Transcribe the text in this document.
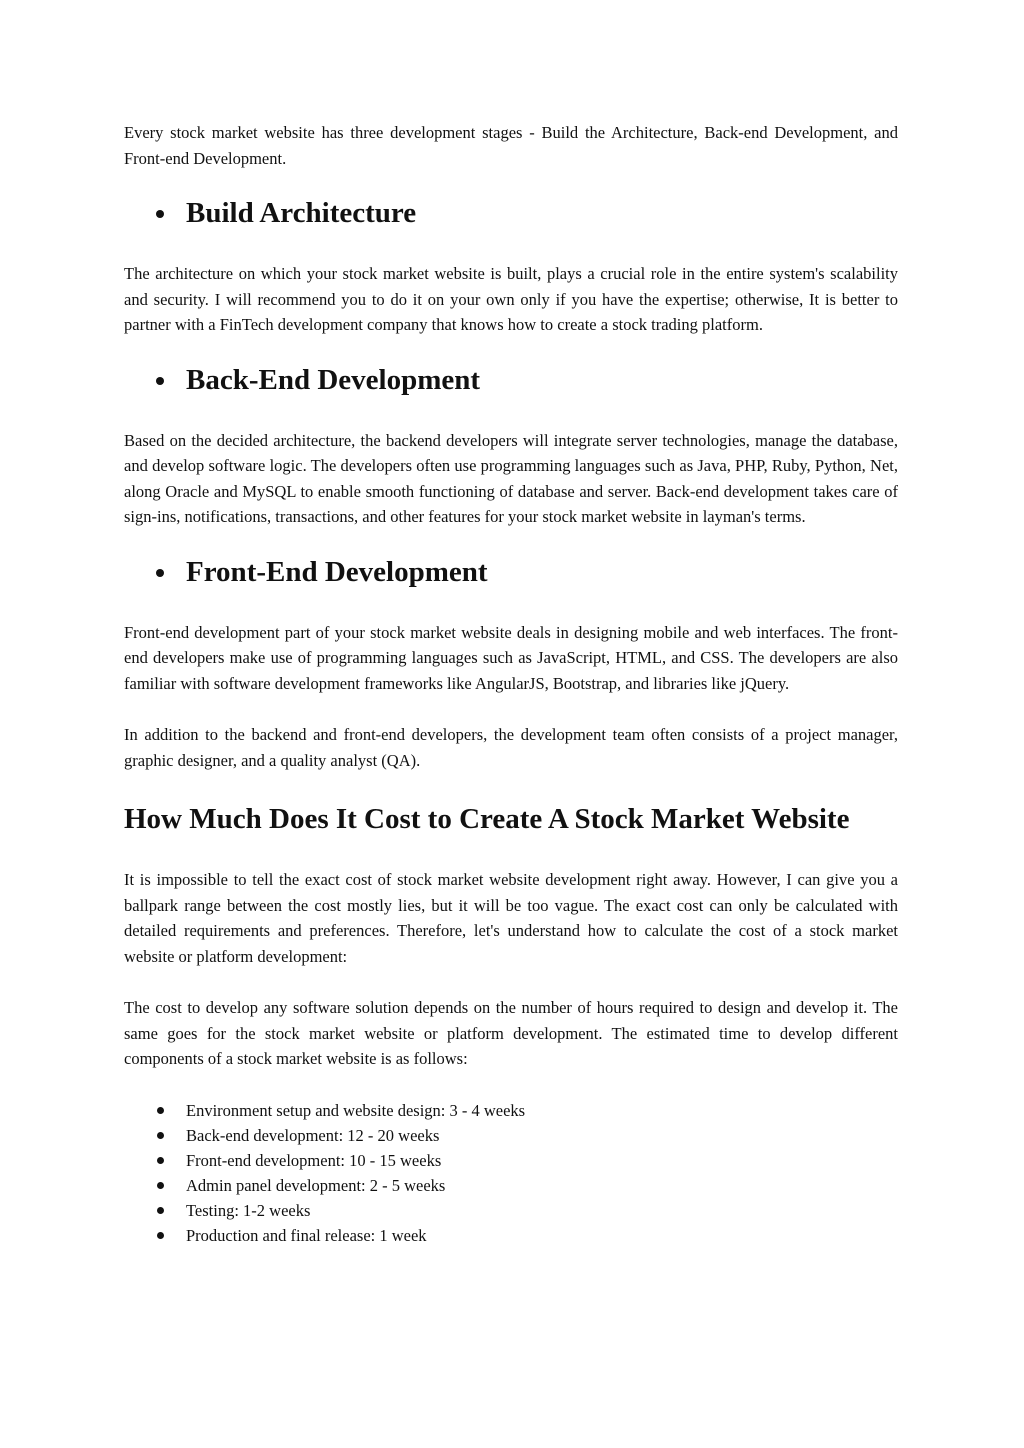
Every stock market website has three development stages - Build the Architecture, Back-end Development, and Front-end Development.

Build Architecture

The architecture on which your stock market website is built, plays a crucial role in the entire system's scalability and security. I will recommend you to do it on your own only if you have the expertise; otherwise, It is better to partner with a FinTech development company that knows how to create a stock trading platform.

Back-End Development

Based on the decided architecture, the backend developers will integrate server technologies, manage the database, and develop software logic. The developers often use programming languages such as Java, PHP, Ruby, Python, Net, along Oracle and MySQL to enable smooth functioning of database and server. Back-end development takes care of sign-ins, notifications, transactions, and other features for your stock market website in layman's terms.

Front-End Development

Front-end development part of your stock market website deals in designing mobile and web interfaces. The front-end developers make use of programming languages such as JavaScript, HTML, and CSS. The developers are also familiar with software development frameworks like AngularJS, Bootstrap, and libraries like jQuery.

In addition to the backend and front-end developers, the development team often consists of a project manager, graphic designer, and a quality analyst (QA).

How Much Does It Cost to Create A Stock Market Website

It is impossible to tell the exact cost of stock market website development right away. However, I can give you a ballpark range between the cost mostly lies, but it will be too vague. The exact cost can only be calculated with detailed requirements and preferences. Therefore, let's understand how to calculate the cost of a stock market website or platform development:

The cost to develop any software solution depends on the number of hours required to design and develop it. The same goes for the stock market website or platform development. The estimated time to develop different components of a stock market website is as follows:

Environment setup and website design: 3 - 4 weeks
Back-end development: 12 - 20 weeks
Front-end development: 10 - 15 weeks
Admin panel development: 2 - 5 weeks
Testing: 1-2 weeks
Production and final release: 1 week
